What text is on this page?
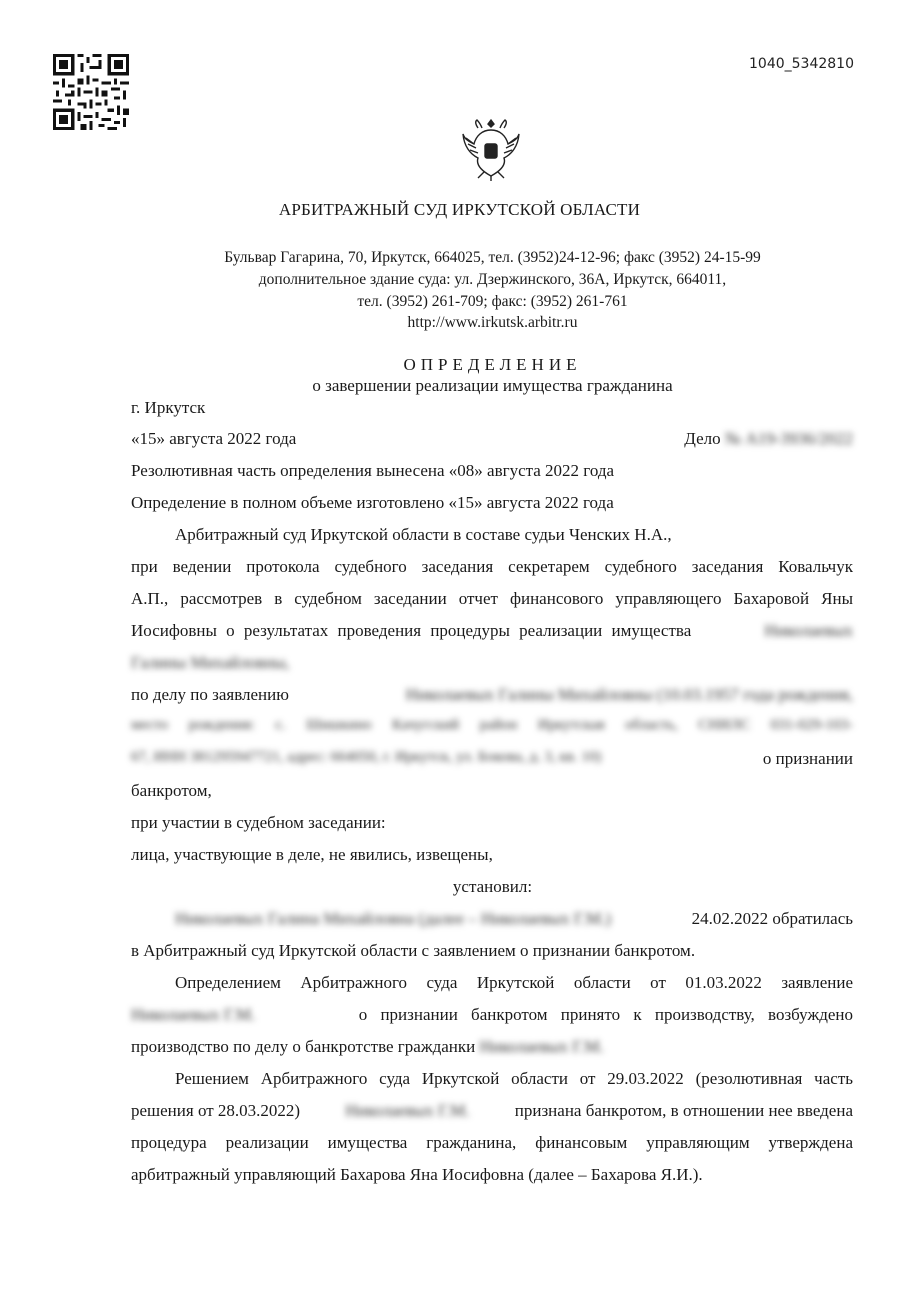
1040_5342810
АРБИТРАЖНЫЙ СУД ИРКУТСКОЙ ОБЛАСТИ
Бульвар Гагарина, 70, Иркутск, 664025, тел. (3952)24-12-96; факс (3952) 24-15-99
дополнительное здание суда: ул. Дзержинского, 36А, Иркутск, 664011,
тел. (3952) 261-709; факс: (3952) 261-761
http://www.irkutsk.arbitr.ru
ОПРЕДЕЛЕНИЕ
о завершении реализации имущества гражданина
г. Иркутск
«15» августа 2022 года	Дело № А19-3936/2022
Резолютивная часть определения вынесена «08» августа 2022 года
Определение в полном объеме изготовлено «15» августа 2022 года
Арбитражный суд Иркутской области в составе судьи Ченских Н.А.,
при ведении протокола судебного заседания секретарем судебного заседания Ковальчук
А.П., рассмотрев в судебном заседании отчет финансового управляющего Бахаровой Яны
Иосифовны о результатах проведения процедуры реализации имущества	Николаевых
Галины Михайловны,
по делу по заявлению	Николаевых Галины Михайловны (10.03.1957 года рождения,
место рождения: с. Шишкино Качугский район Иркутская область, СНИЛС 031-029-103-
67, ИНН 381295947721, адрес: 664050, г. Иркутск, ул. Бокова, д. 3, кв. 10)	о признании
банкротом,
при участии в судебном заседании:
лица, участвующие в деле, не явились, извещены,
установил:
Николаевых Галина Михайловна (далее – Николаевых Г.М.)	24.02.2022 обратилась
в Арбитражный суд Иркутской области с заявлением о признании банкротом.
Определением Арбитражного суда Иркутской области от 01.03.2022 заявление
Николаевых Г.М.	о признании банкротом принято к производству, возбуждено
производство по делу о банкротстве гражданки Николаевых Г.М.
Решением Арбитражного суда Иркутской области от 29.03.2022 (резолютивная часть
решения от 28.03.2022)	Николаевых Г.М.	признана банкротом, в отношении нее введена
процедура реализации имущества гражданина, финансовым управляющим утверждена
арбитражный управляющий Бахарова Яна Иосифовна (далее – Бахарова Я.И.).
